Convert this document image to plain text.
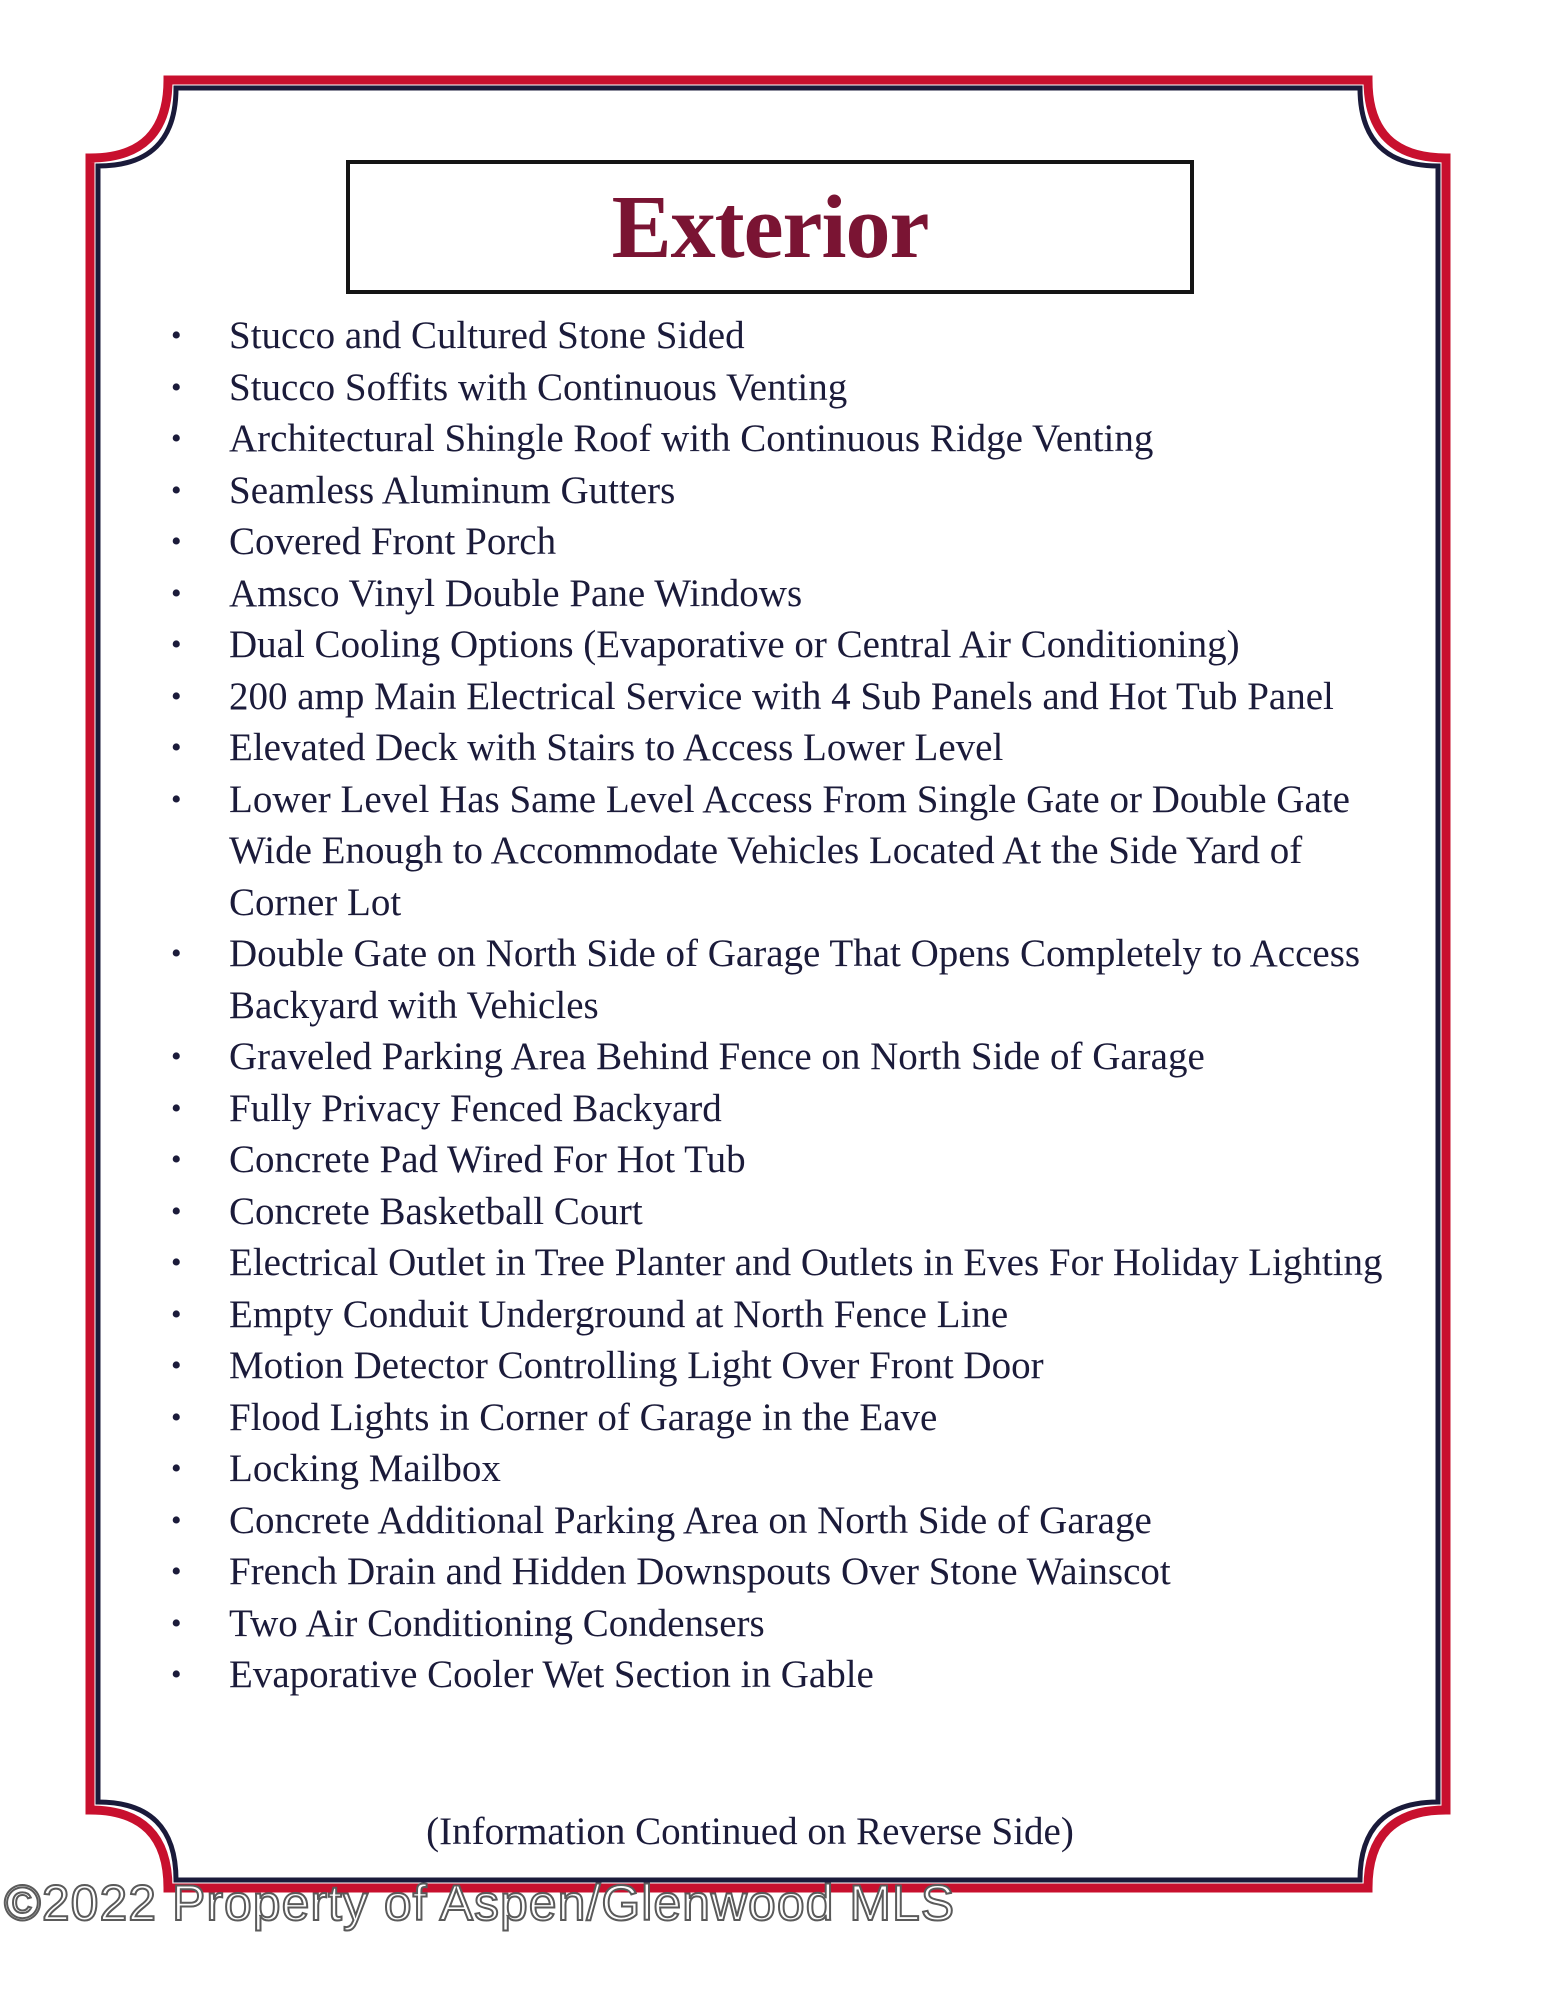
Exterior
• Stucco and Cultured Stone Sided
• Stucco Soffits with Continuous Venting
• Architectural Shingle Roof with Continuous Ridge Venting
• Seamless Aluminum Gutters
• Covered Front Porch
• Amsco Vinyl Double Pane Windows
• Dual Cooling Options (Evaporative or Central Air Conditioning)
• 200 amp Main Electrical Service with 4 Sub Panels and Hot Tub Panel
• Elevated Deck with Stairs to Access Lower Level
• Lower Level Has Same Level Access From Single Gate or Double Gate Wide Enough to Accommodate Vehicles Located At the Side Yard of Corner Lot
• Double Gate on North Side of Garage That Opens Completely to Access Backyard with Vehicles
• Graveled Parking Area Behind Fence on North Side of Garage
• Fully Privacy Fenced Backyard
• Concrete Pad Wired For Hot Tub
• Concrete Basketball Court
• Electrical Outlet in Tree Planter and Outlets in Eves For Holiday Lighting
• Empty Conduit Underground at North Fence Line
• Motion Detector Controlling Light Over Front Door
• Flood Lights in Corner of Garage in the Eave
• Locking Mailbox
• Concrete Additional Parking Area on North Side of Garage
• French Drain and Hidden Downspouts Over Stone Wainscot
• Two Air Conditioning Condensers
• Evaporative Cooler Wet Section in Gable
(Information Continued on Reverse Side)
©2022 Property of Aspen/Glenwood MLS
